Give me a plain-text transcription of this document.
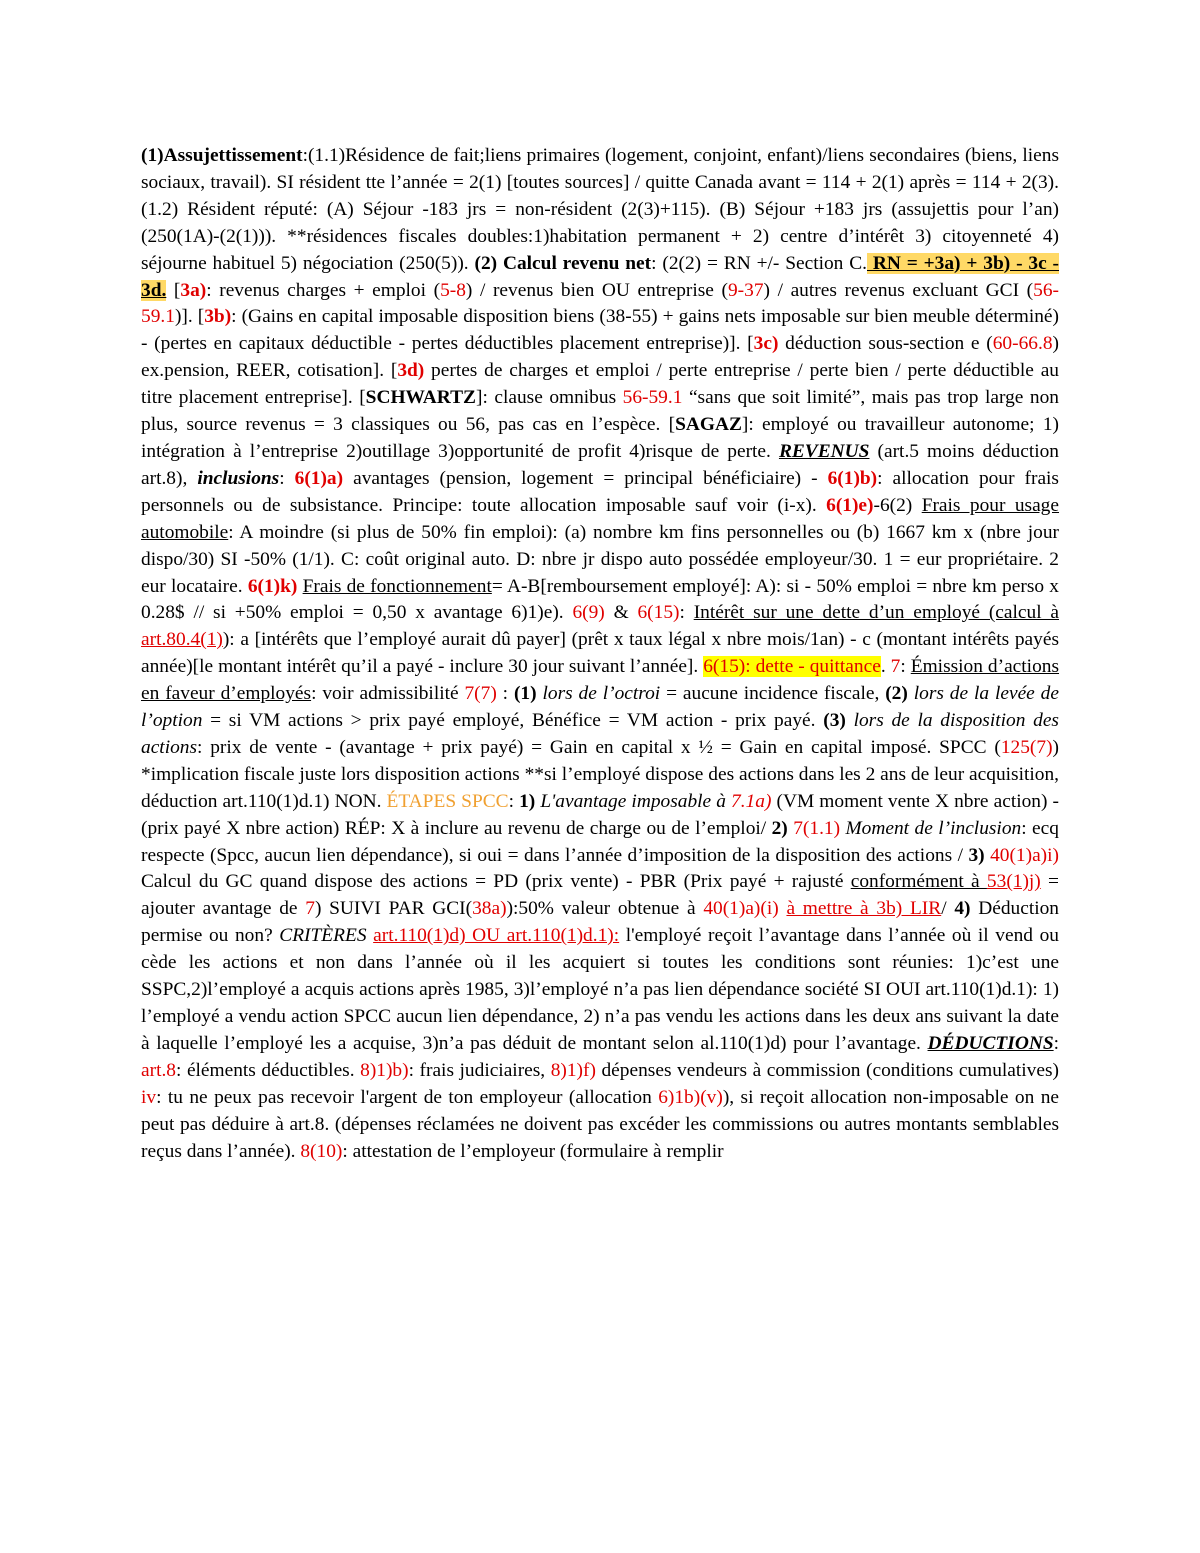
(1)Assujettissement:(1.1)Résidence de fait;liens primaires (logement, conjoint, enfant)/liens secondaires (biens, liens sociaux, travail). SI résident tte l’année = 2(1) [toutes sources] / quitte Canada avant = 114 + 2(1) après = 114 + 2(3). (1.2) Résident réputé: (A) Séjour -183 jrs = non-résident (2(3)+115). (B) Séjour +183 jrs (assujettis pour l’an) (250(1A)-(2(1))). **résidences fiscales doubles:1)habitation permanent + 2) centre d’intérêt 3) citoyenneté 4) séjourne habituel 5) négociation (250(5)). (2) Calcul revenu net: (2(2) = RN +/- Section C. RN = +3a) + 3b) - 3c - 3d. [3a): revenus charges + emploi (5-8) / revenus bien OU entreprise (9-37) / autres revenus excluant GCI (56-59.1)]. [3b): (Gains en capital imposable disposition biens (38-55) + gains nets imposable sur bien meuble déterminé) - (pertes en capitaux déductible - pertes déductibles placement entreprise)]. [3c) déduction sous-section e (60-66.8) ex.pension, REER, cotisation]. [3d) pertes de charges et emploi / perte entreprise / perte bien / perte déductible au titre placement entreprise]. [SCHWARTZ]: clause omnibus 56-59.1 “sans que soit limité”, mais pas trop large non plus, source revenus = 3 classiques ou 56, pas cas en l’espèce. [SAGAZ]: employé ou travailleur autonome; 1) intégration à l’entreprise 2)outillage 3)opportunité de profit 4)risque de perte. REVENUS (art.5 moins déduction art.8), inclusions: 6(1)a) avantages (pension, logement = principal bénéficiaire) - 6(1)b): allocation pour frais personnels ou de subsistance. Principe: toute allocation imposable sauf voir (i-x). 6(1)e)-6(2) Frais pour usage automobile: A moindre (si plus de 50% fin emploi): (a) nombre km fins personnelles ou (b) 1667 km x (nbre jour dispo/30) SI -50% (1/1). C: coût original auto. D: nbre jr dispo auto possédée employeur/30. 1 = eur propriétaire. 2 eur locataire. 6(1)k) Frais de fonctionnement= A-B[remboursement employé]: A): si - 50% emploi = nbre km perso x 0.28$ // si +50% emploi = 0,50 x avantage 6)1)e). 6(9) & 6(15): Intérêt sur une dette d’un employé (calcul à art.80.4(1)): a [intérêts que l’employé aurait dû payer] (prêt x taux légal x nbre mois/1an) - c (montant intérêts payés année)[le montant intérêt qu’il a payé - inclure 30 jour suivant l’année]. 6(15): dette - quittance. 7: Émission d’actions en faveur d’employés: voir admissibilité 7(7) : (1) lors de l’octroi = aucune incidence fiscale, (2) lors de la levée de l’option = si VM actions > prix payé employé, Bénéfice = VM action - prix payé. (3) lors de la disposition des actions: prix de vente - (avantage + prix payé) = Gain en capital x ½ = Gain en capital imposé. SPCC (125(7)) *implication fiscale juste lors disposition actions **si l’employé dispose des actions dans les 2 ans de leur acquisition, déduction art.110(1)d.1) NON. ÉTAPES SPCC: 1) L'avantage imposable à 7.1a) (VM moment vente X nbre action) - (prix payé X nbre action) RÉP: X à inclure au revenu de charge ou de l’emploi/ 2) 7(1.1) Moment de l’inclusion: ecq respecte (Spcc, aucun lien dépendance), si oui = dans l’année d’imposition de la disposition des actions / 3) 40(1)a)i) Calcul du GC quand dispose des actions = PD (prix vente) - PBR (Prix payé + rajusté conformément à 53(1)j) = ajouter avantage de 7) SUIVI PAR GCI(38a)):50% valeur obtenue à 40(1)a)(i) à mettre à 3b) LIR/ 4) Déduction permise ou non? CRITÈRES art.110(1)d) OU art.110(1)d.1): l'employé reçoit l’avantage dans l’année où il vend ou cède les actions et non dans l’année où il les acquiert si toutes les conditions sont réunies: 1)c’est une SSPC,2)l’employé a acquis actions après 1985, 3)l’employé n’a pas lien dépendance société SI OUI art.110(1)d.1): 1) l’employé a vendu action SPCC aucun lien dépendance, 2) n’a pas vendu les actions dans les deux ans suivant la date à laquelle l’employé les a acquise, 3)n’a pas déduit de montant selon al.110(1)d) pour l’avantage. DÉDUCTIONS: art.8: éléments déductibles. 8)1)b): frais judiciaires, 8)1)f) dépenses vendeurs à commission (conditions cumulatives) iv: tu ne peux pas recevoir l'argent de ton employeur (allocation 6)1b)(v)), si reçoit allocation non-imposable on ne peut pas déduire à art.8. (dépenses réclamées ne doivent pas excéder les commissions ou autres montants semblables reçus dans l’année). 8(10): attestation de l’employeur (formulaire à remplir
